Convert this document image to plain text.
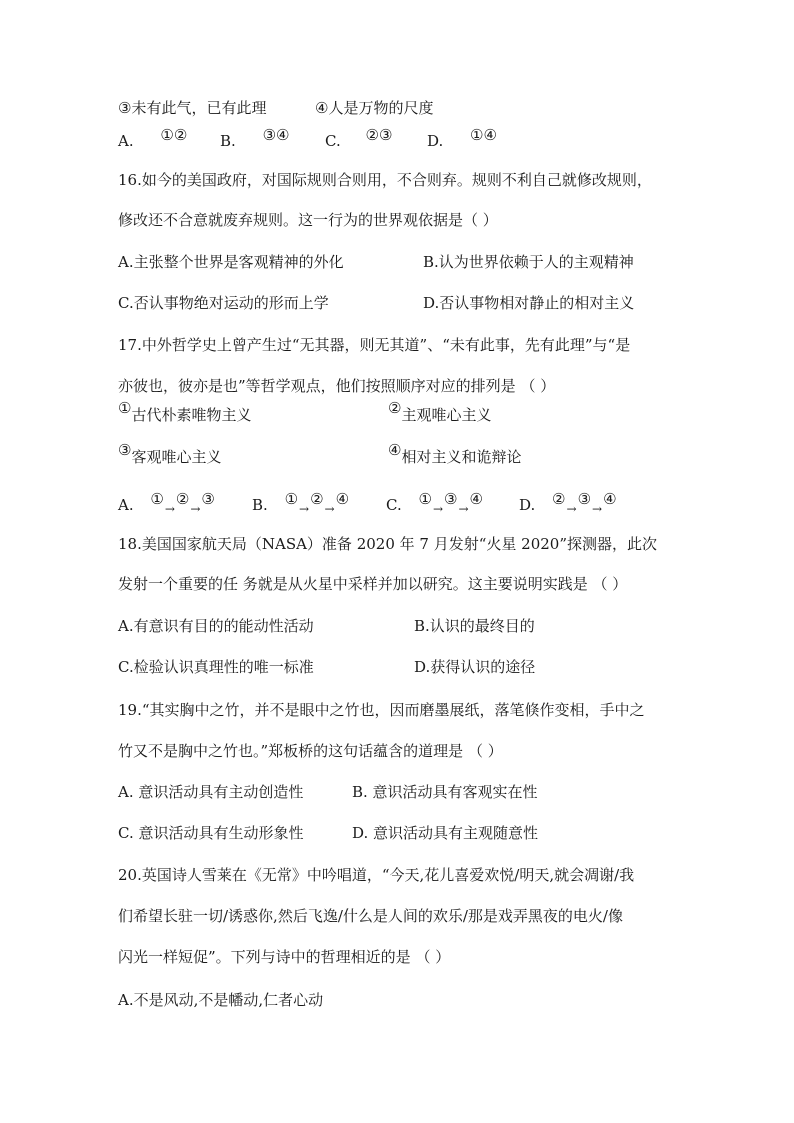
③未有此气，已有此理	④人是万物的尺度
A. ①② B. ③④ C. ②③ D. ①④
16.如今的美国政府，对国际规则合则用，不合则弃。规则不利自己就修改规则，
修改还不合意就废弃规则。这一行为的世界观依据是（ ）
A.主张整个世界是客观精神的外化	B.认为世界依赖于人的主观精神
C.否认事物绝对运动的形而上学	D.否认事物相对静止的相对主义
17.中外哲学史上曾产生过“无其器，则无其道”、“未有此事，先有此理”与“是
亦彼也，彼亦是也”等哲学观点，他们按照顺序对应的排列是 （ ）
①古代朴素唯物主义	②主观唯心主义
③客观唯心主义	④相对主义和诡辩论
A. $①_\to ②_\to ③$ B. $①_\to ②_\to ④$ C. $①_\to ③_\to ④$ D. $②_\to ③_\to ④$
18.美国国家航天局（NASA）准备 2020 年 7 月发射“火星 2020”探测器，此次
发射一个重要的任 务就是从火星中采样并加以研究。这主要说明实践是 （ ）
A.有意识有目的的能动性活动	B.认识的最终目的
C.检验认识真理性的唯一标准	D.获得认识的途径
19.“其实胸中之竹，并不是眼中之竹也，因而磨墨展纸，落笔倏作变相，手中之
竹又不是胸中之竹也。”郑板桥的这句话蕴含的道理是 （ ）
A. 意识活动具有主动创造性	B. 意识活动具有客观实在性
C. 意识活动具有生动形象性	D. 意识活动具有主观随意性
20.英国诗人雪莱在《无常》中吟唱道，“今天,花儿喜爱欢悦/明天,就会凋谢/我
们希望长驻一切/诱惑你,然后飞逸/什么是人间的欢乐/那是戏弄黑夜的电火/像
闪光一样短促”。下列与诗中的哲理相近的是 （ ）
A.不是风动,不是幡动,仁者心动
